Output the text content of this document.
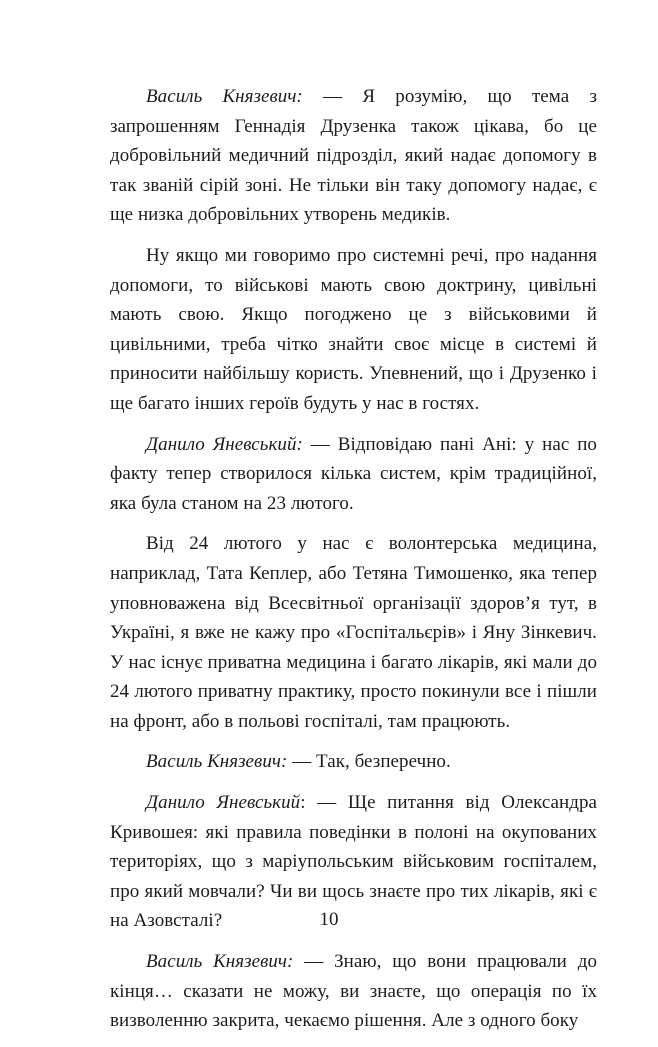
Василь Князевич: — Я розумію, що тема з запрошенням Геннадія Друзенка також цікава, бо це добровільний медичний підрозділ, який надає допомогу в так званій сірій зоні. Не тільки він таку допомогу надає, є ще низка добровільних утворень медиків.

Ну якщо ми говоримо про системні речі, про надання допомоги, то військові мають свою доктрину, цивільні мають свою. Якщо погоджено це з військовими й цивільними, треба чітко знайти своє місце в системі й приносити найбільшу користь. Упевнений, що і Друзенко і ще багато інших героїв будуть у нас в гостях.

Данило Яневський: — Відповідаю пані Ані: у нас по факту тепер створилося кілька систем, крім традиційної, яка була станом на 23 лютого.

Від 24 лютого у нас є волонтерська медицина, наприклад, Тата Кеплер, або Тетяна Тимошенко, яка тепер уповноважена від Всесвітньої організації здоров’я тут, в Україні, я вже не кажу про «Госпітальєрів» і Яну Зінкевич. У нас існує приватна медицина і багато лікарів, які мали до 24 лютого приватну практику, просто покинули все і пішли на фронт, або в польові госпіталі, там працюють.

Василь Князевич: — Так, безперечно.

Данило Яневський: — Ще питання від Олександра Кривошея: які правила поведінки в полоні на окупованих територіях, що з маріупольським військовим госпіталем, про який мовчали? Чи ви щось знаєте про тих лікарів, які є на Азовсталі?

Василь Князевич: — Знаю, що вони працювали до кінця… сказати не можу, ви знаєте, що операція по їх визволенню закрита, чекаємо рішення. Але з одного боку

10
